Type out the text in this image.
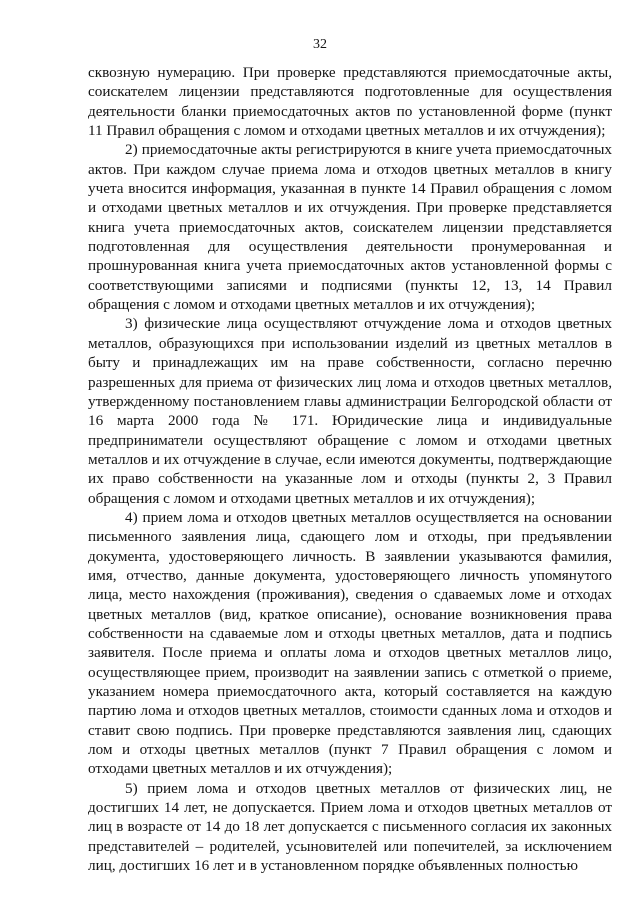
32

сквозную нумерацию. При проверке представляются приемосдаточные акты, соискателем лицензии представляются подготовленные для осуществления деятельности бланки приемосдаточных актов по установленной форме (пункт 11 Правил обращения с ломом и отходами цветных металлов и их отчуждения);

2) приемосдаточные акты регистрируются в книге учета приемосдаточных актов. При каждом случае приема лома и отходов цветных металлов в книгу учета вносится информация, указанная в пункте 14 Правил обращения с ломом и отходами цветных металлов и их отчуждения. При проверке представляется книга учета приемосдаточных актов, соискателем лицензии представляется подготовленная для осуществления деятельности пронумерованная и прошнурованная книга учета приемосдаточных актов установленной формы с соответствующими записями и подписями (пункты 12, 13, 14 Правил обращения с ломом и отходами цветных металлов и их отчуждения);

3) физические лица осуществляют отчуждение лома и отходов цветных металлов, образующихся при использовании изделий из цветных металлов в быту и принадлежащих им на праве собственности, согласно перечню разрешенных для приема от физических лиц лома и отходов цветных металлов, утвержденному постановлением главы администрации Белгородской области от 16 марта 2000 года № 171. Юридические лица и индивидуальные предприниматели осуществляют обращение с ломом и отходами цветных металлов и их отчуждение в случае, если имеются документы, подтверждающие их право собственности на указанные лом и отходы (пункты 2, 3 Правил обращения с ломом и отходами цветных металлов и их отчуждения);

4) прием лома и отходов цветных металлов осуществляется на основании письменного заявления лица, сдающего лом и отходы, при предъявлении документа, удостоверяющего личность. В заявлении указываются фамилия, имя, отчество, данные документа, удостоверяющего личность упомянутого лица, место нахождения (проживания), сведения о сдаваемых ломе и отходах цветных металлов (вид, краткое описание), основание возникновения права собственности на сдаваемые лом и отходы цветных металлов, дата и подпись заявителя. После приема и оплаты лома и отходов цветных металлов лицо, осуществляющее прием, производит на заявлении запись с отметкой о приеме, указанием номера приемосдаточного акта, который составляется на каждую партию лома и отходов цветных металлов, стоимости сданных лома и отходов и ставит свою подпись. При проверке представляются заявления лиц, сдающих лом и отходы цветных металлов (пункт 7 Правил обращения с ломом и отходами цветных металлов и их отчуждения);

5) прием лома и отходов цветных металлов от физических лиц, не достигших 14 лет, не допускается. Прием лома и отходов цветных металлов от лиц в возрасте от 14 до 18 лет допускается с письменного согласия их законных представителей – родителей, усыновителей или попечителей, за исключением лиц, достигших 16 лет и в установленном порядке объявленных полностью
